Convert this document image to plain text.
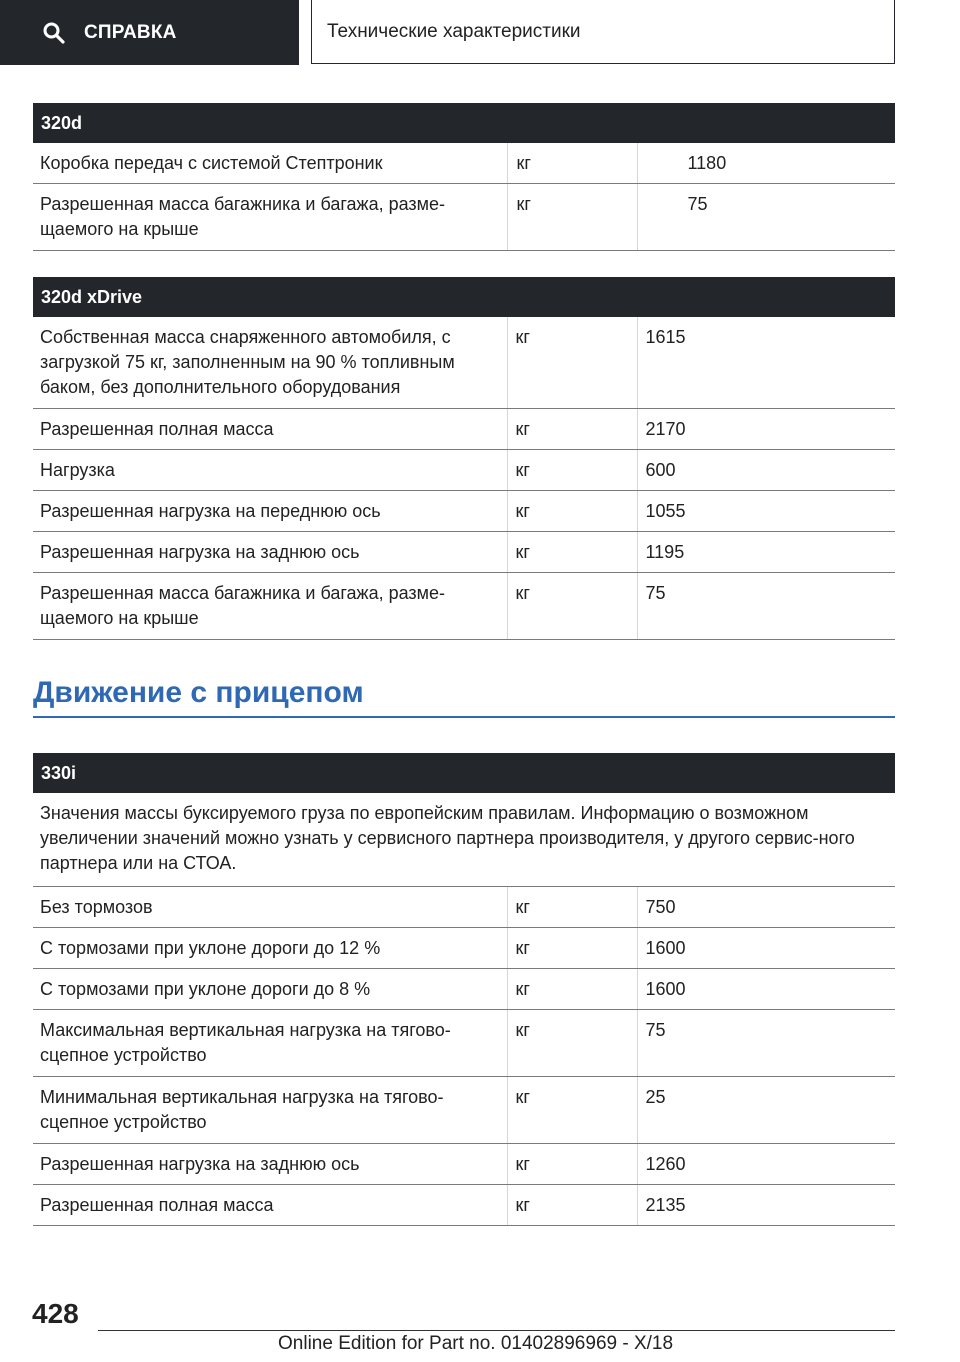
СПРАВКА	Технические характеристики
320d		
Коробка передач с системой Стептроник	кг	1180
Разрешенная масса багажника и багажа, разме-щаемого на крыше	кг	75
320d xDrive		
Собственная масса снаряженного автомобиля, с загрузкой 75 кг, заполненным на 90 % топливным баком, без дополнительного оборудования	кг	1615
Разрешенная полная масса	кг	2170
Нагрузка	кг	600
Разрешенная нагрузка на переднюю ось	кг	1055
Разрешенная нагрузка на заднюю ось	кг	1195
Разрешенная масса багажника и багажа, разме-щаемого на крыше	кг	75
Движение с прицепом
330i		
Значения массы буксируемого груза по европейским правилам. Информацию о возможном увеличении значений можно узнать у сервисного партнера производителя, у другого сервис-ного партнера или на СТОА.		
Без тормозов	кг	750
С тормозами при уклоне дороги до 12 %	кг	1600
С тормозами при уклоне дороги до 8 %	кг	1600
Максимальная вертикальная нагрузка на тягово-сцепное устройство	кг	75
Минимальная вертикальная нагрузка на тягово-сцепное устройство	кг	25
Разрешенная нагрузка на заднюю ось	кг	1260
Разрешенная полная масса	кг	2135
428
Online Edition for Part no. 01402896969 - X/18
